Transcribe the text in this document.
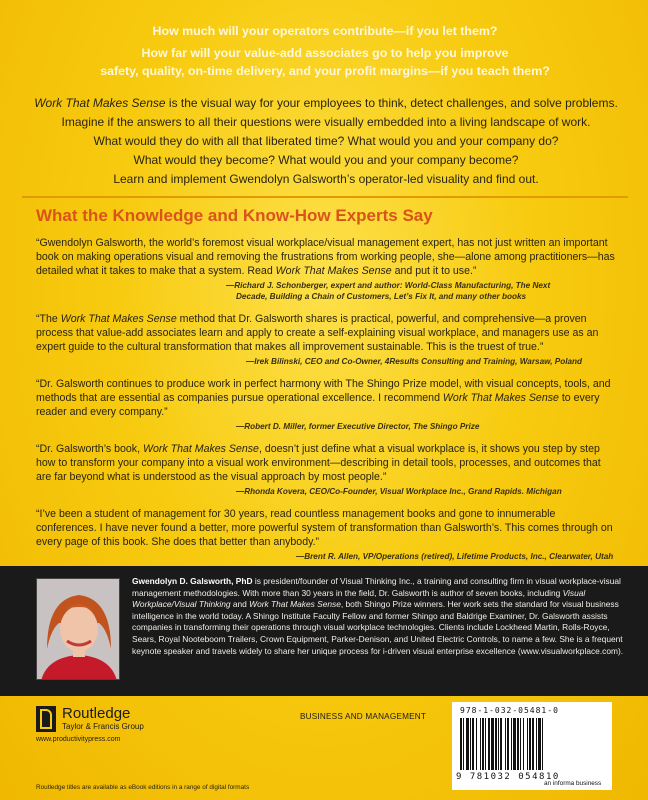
How much will your operators contribute—if you let them?
How far will your value-add associates go to help you improve
safety, quality, on-time delivery, and your profit margins—if you teach them?
Work That Makes Sense is the visual way for your employees to think, detect challenges, and solve problems.
Imagine if the answers to all their questions were visually embedded into a living landscape of work.
What would they do with all that liberated time? What would you and your company do?
What would they become? What would you and your company become?
Learn and implement Gwendolyn Galsworth’s operator-led visuality and find out.
What the Knowledge and Know-How Experts Say
“Gwendolyn Galsworth, the world’s foremost visual workplace/visual management expert, has not just written an important book on making operations visual and removing the frustrations from working people, she—alone among practitioners—has detailed what it takes to make that a system. Read Work That Makes Sense and put it to use.”
—Richard J. Schonberger, expert and author: World-Class Manufacturing, The Next
Decade, Building a Chain of Customers, Let’s Fix It, and many other books
“The Work That Makes Sense method that Dr. Galsworth shares is practical, powerful, and comprehensive—a proven process that value-add associates learn and apply to create a self-explaining visual workplace, and managers use as an expert guide to the cultural transformation that makes all improvement sustainable. This is the truest of true.”
—Irek Bilinski, CEO and Co-Owner, 4Results Consulting and Training, Warsaw, Poland
“Dr. Galsworth continues to produce work in perfect harmony with The Shingo Prize model, with visual concepts, tools, and methods that are essential as companies pursue operational excellence. I recommend Work That Makes Sense to every reader and every company.”
—Robert D. Miller, former Executive Director, The Shingo Prize
“Dr. Galsworth’s book, Work That Makes Sense, doesn’t just define what a visual workplace is, it shows you step by step how to transform your company into a visual work environment—describing in detail tools, processes, and outcomes that are far beyond what is understood as the visual approach by most people.”
—Rhonda Kovera, CEO/Co-Founder, Visual Workplace Inc., Grand Rapids. Michigan
“I’ve been a student of management for 30 years, read countless management books and gone to innumerable conferences. I have never found a better, more powerful system of transformation than Galsworth’s. This comes through on every page of this book. She does that better than anybody.”
—Brent R. Allen, VP/Operations (retired), Lifetime Products, Inc., Clearwater, Utah
Gwendolyn D. Galsworth, PhD is president/founder of Visual Thinking Inc., a training and consulting firm in visual workplace-visual management methodologies. With more than 30 years in the field, Dr. Galsworth is author of seven books, including Visual Workplace/Visual Thinking and Work That Makes Sense, both Shingo Prize winners. Her work sets the standard for visual business intelligence in the world today. A Shingo Institute Faculty Fellow and former Shingo and Baldrige Examiner, Dr. Galsworth assists companies in transforming their operations through visual workplace technologies. Clients include Lockheed Martin, Rolls-Royce, Sears, Royal Nooteboom Trailers, Crown Equipment, Parker-Denison, and United Electric Controls, to name a few. She is a frequent keynote speaker and travels widely to share her unique process for i-driven visual enterprise excellence (www.visualworkplace.com).
Routledge
Taylor & Francis Group
www.productivitypress.com
Routledge titles are available as eBook editions in a range of digital formats
BUSINESS AND MANAGEMENT
978-1-032-05481-0
9 781032 054810
an informa business
